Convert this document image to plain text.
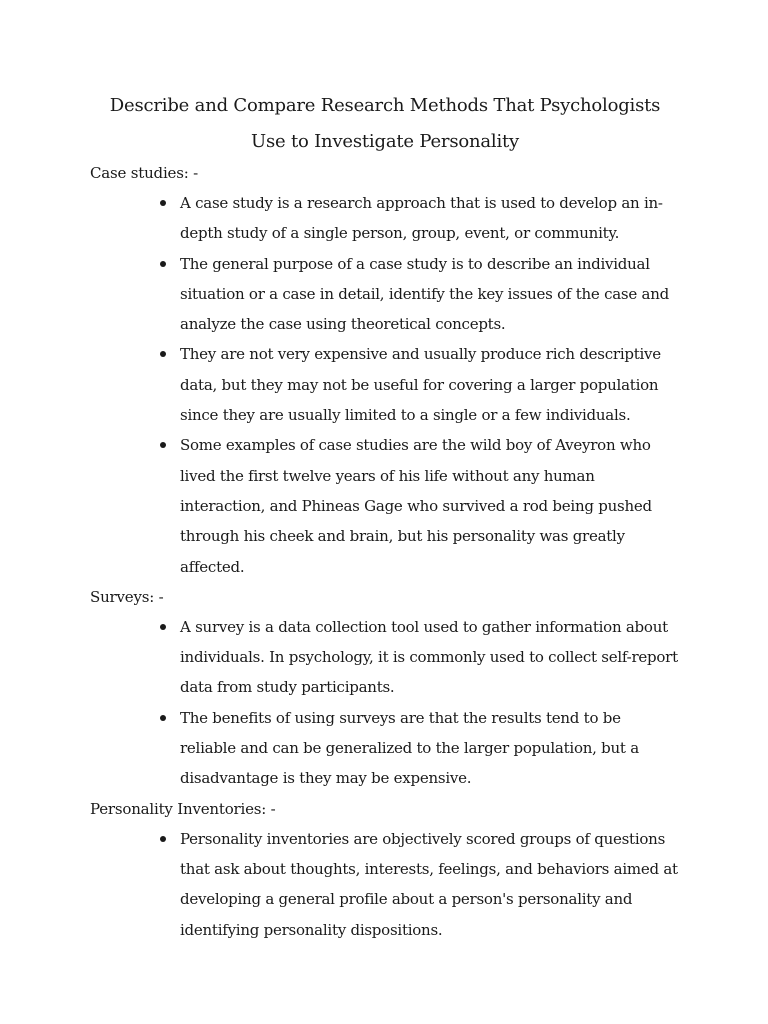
Describe and Compare Research Methods That Psychologists Use to Investigate Personality

Case studies: -

A case study is a research approach that is used to develop an in-depth study of a single person, group, event, or community.
The general purpose of a case study is to describe an individual situation or a case in detail, identify the key issues of the case and analyze the case using theoretical concepts.
They are not very expensive and usually produce rich descriptive data, but they may not be useful for covering a larger population since they are usually limited to a single or a few individuals.
Some examples of case studies are the wild boy of Aveyron who lived the first twelve years of his life without any human interaction, and Phineas Gage who survived a rod being pushed through his cheek and brain, but his personality was greatly affected.

Surveys: -

A survey is a data collection tool used to gather information about individuals. In psychology, it is commonly used to collect self-report data from study participants.
The benefits of using surveys are that the results tend to be reliable and can be generalized to the larger population, but a disadvantage is they may be expensive.

Personality Inventories: -

Personality inventories are objectively scored groups of questions that ask about thoughts, interests, feelings, and behaviors aimed at developing a general profile about a person's personality and identifying personality dispositions.
